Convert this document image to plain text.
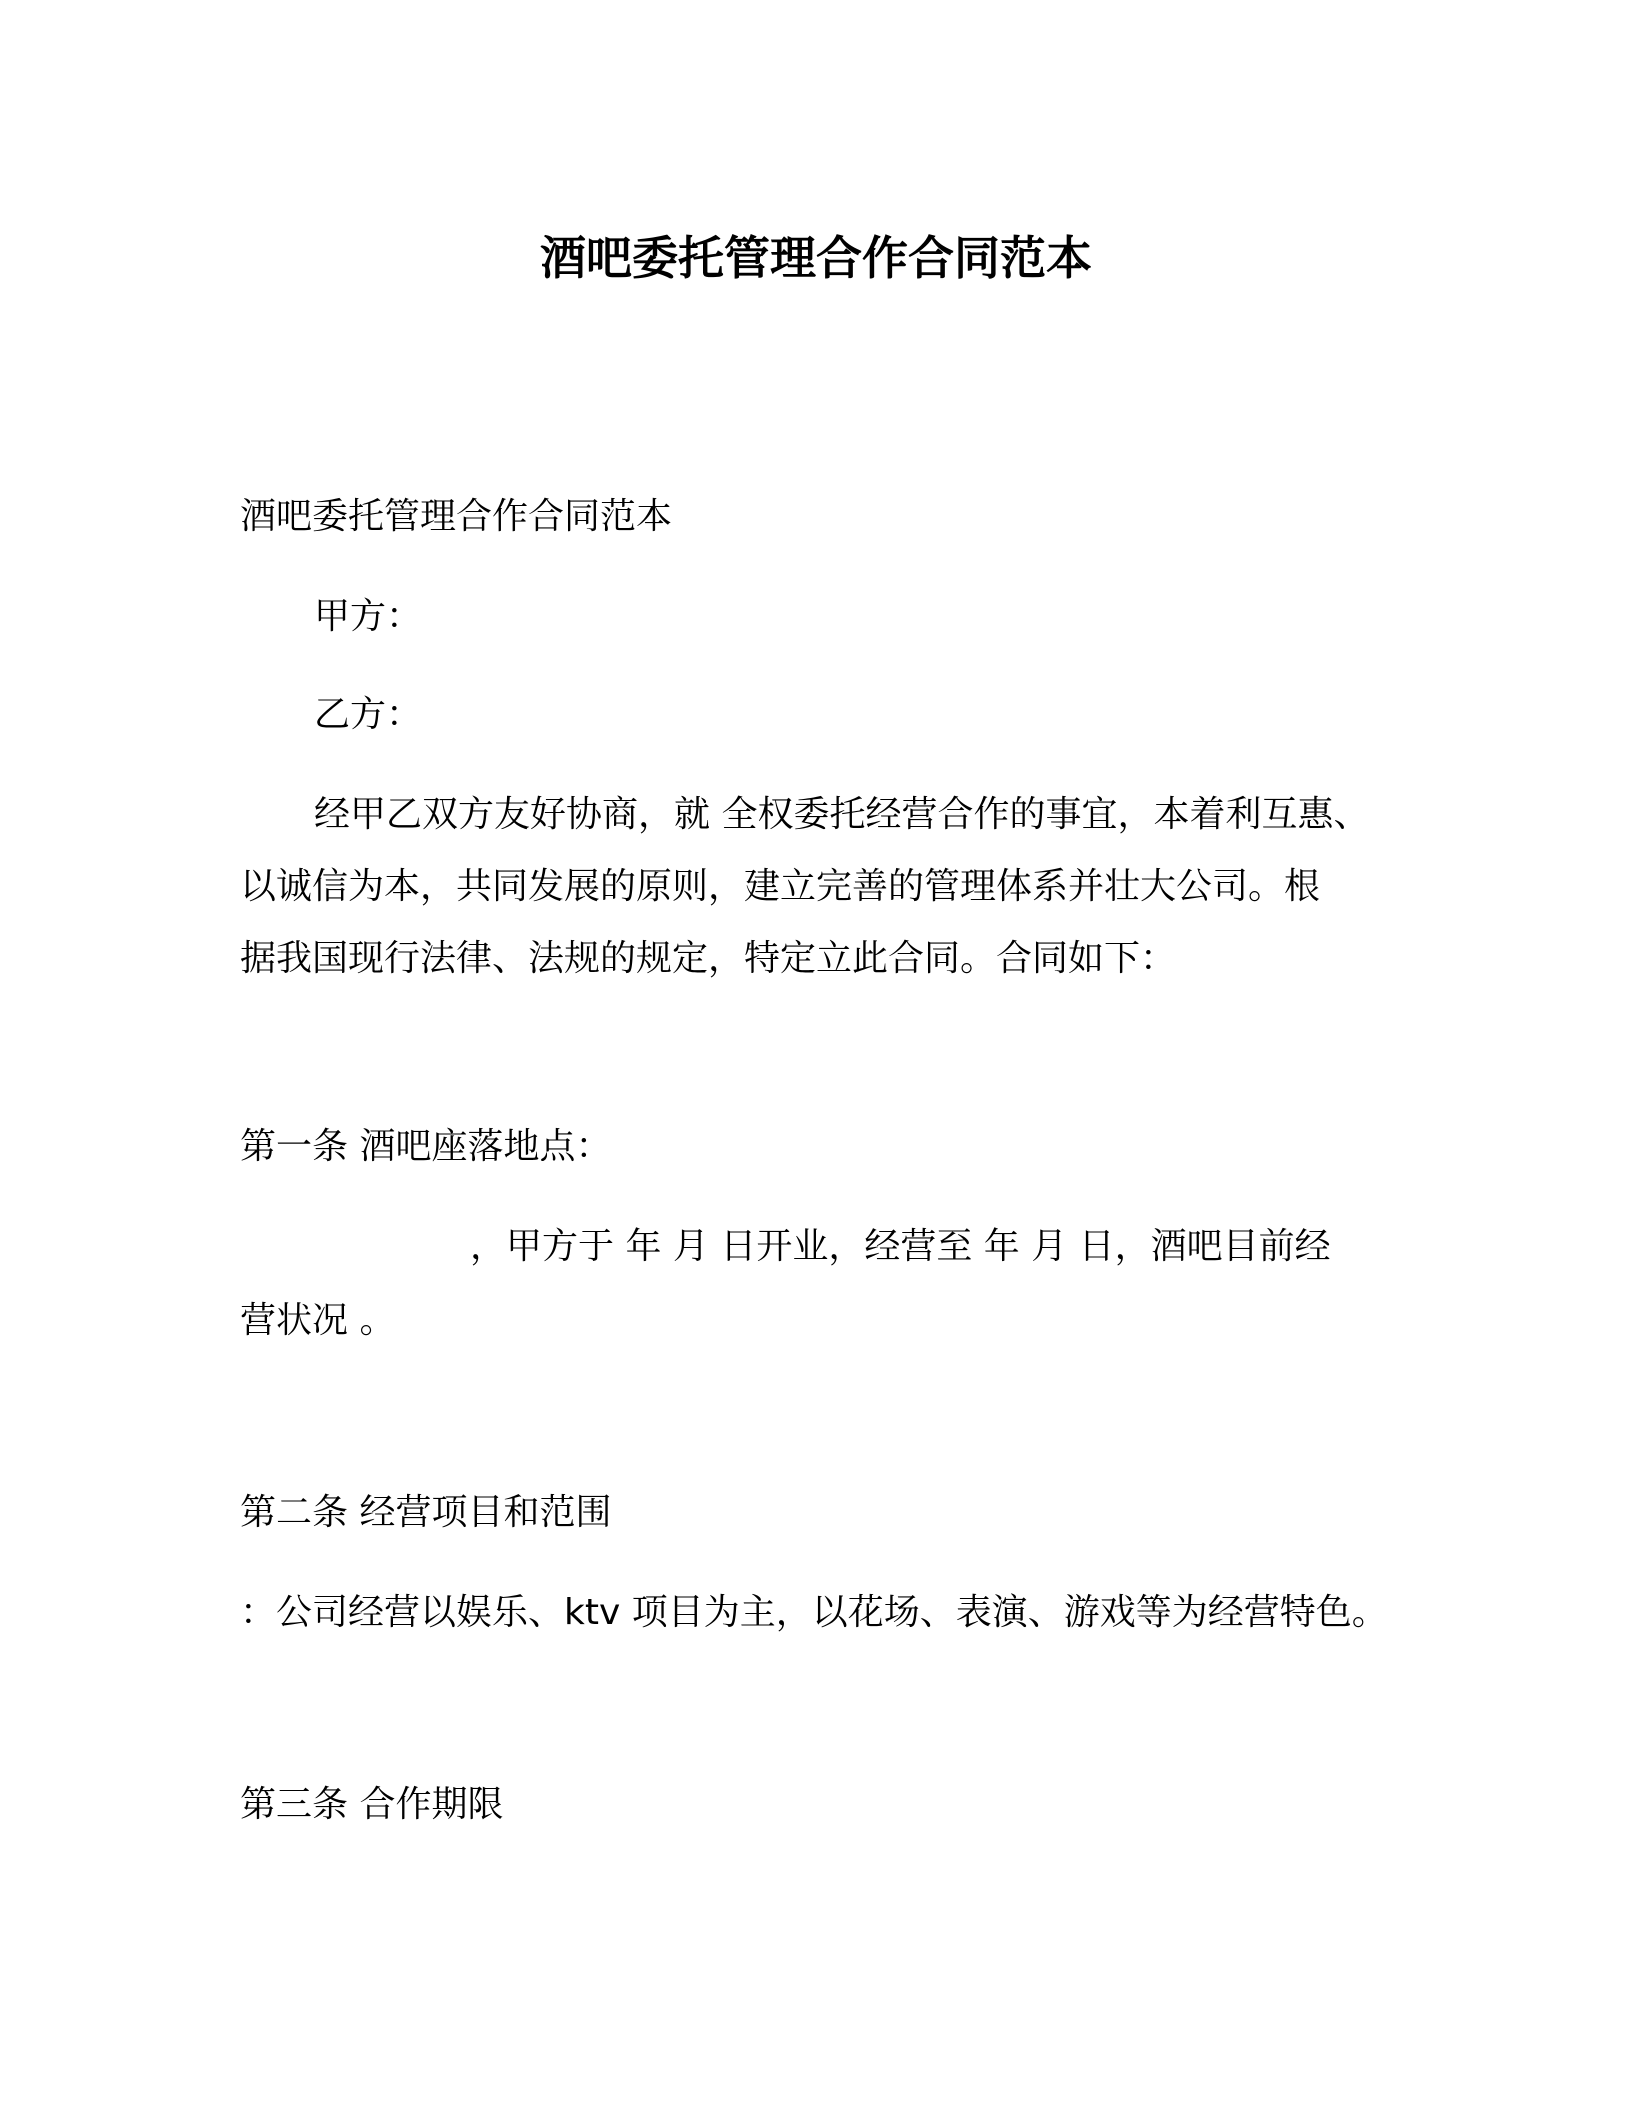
酒吧委托管理合作合同范本
酒吧委托管理合作合同范本
甲方：
乙方：
经甲乙双方友好协商，就 全权委托经营合作的事宜，本着利互惠、
以诚信为本，共同发展的原则，建立完善的管理体系并壮大公司。根
据我国现行法律、法规的规定，特定立此合同。合同如下：
第一条 酒吧座落地点：
，甲方于 年 月 日开业，经营至 年 月 日，酒吧目前经
营状况 。
第二条 经营项目和范围
：公司经营以娱乐、ktv 项目为主，以花场、表演、游戏等为经营特色。
第三条 合作期限
